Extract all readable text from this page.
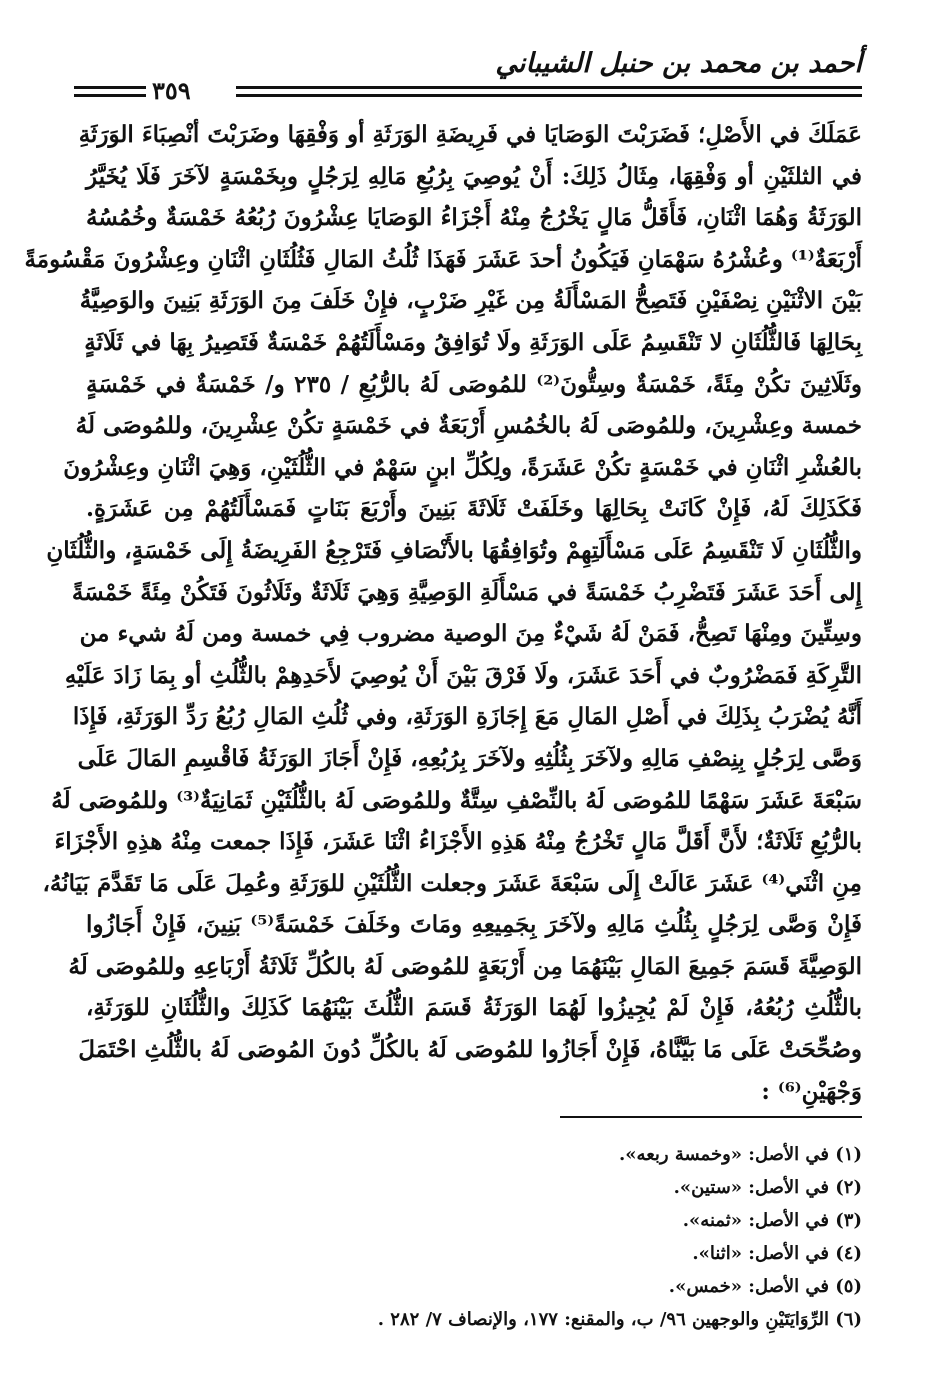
أحمد بن محمد بن حنبل الشيباني
٣٥٩
عَمَلَكَ في الأَصْلِ؛ فَضَرَبْتَ الوَصَايَا في فَرِيضَةِ الوَرَثَةِ أو وَفْقِهَا وضَرَبْتَ أنْصِبَاءَ الوَرَثَةِ
في الثلثَيْنِ أو وَفْقِهَا، مِثَالُ ذَلِكَ: أَنْ يُوصِيَ بِرُبُعِ مَالِهِ لِرَجُلٍ وبِخَمْسَةٍ لآخَرَ فَلَا يُخَيَّرُ
الوَرَثَةُ وَهُمَا اثْنَانِ، فَأَقَلُّ مَالٍ يَخْرُجُ مِنْهُ أَجْزَاءُ الوَصَايَا عِشْرُونَ رُبُعُهُ خَمْسَةٌ وخُمُسُهُ
أَرْبَعَةٌ⁽¹⁾ وعُشْرُهُ سَهْمَانِ فَيَكُونُ أحدَ عَشَرَ فَهَذَا ثُلُثُ المَالِ فَثُلُثَانِ اثْنَانِ وعِشْرُونَ مَقْسُومَةً
بَيْنَ الاثْنَيْنِ نِصْفَيْنِ فَتَصِحُّ المَسْأَلَةُ مِن غَيْرِ ضَرْبٍ، فإِنْ خَلَفَ مِنَ الوَرَثَةِ بَنِينَ والوَصِيَّةُ
بِحَالِهَا فَالثُّلُثَانِ لا تَنْقَسِمُ عَلَى الوَرَثَةِ ولَا تُوَافِقُ ومَسْأَلَتُهُمْ خَمْسَةٌ فَتَصِيرُ بِهَا في ثَلَاثَةٍ
وثَلَاثِينَ تكُنْ مِئَةً، خَمْسَةٌ وسِتُّونَ⁽²⁾ للمُوصَى لَهُ بالرُّبُعِ / ٢٣٥ و/ خَمْسَةٌ في خَمْسَةٍ
خمسة وعِشْرِينَ، وللمُوصَى لَهُ بالخُمُسِ أَرْبَعَةٌ في خَمْسَةٍ تكُنْ عِشْرِينَ، وللمُوصَى لَهُ
بالعُشْرِ اثْنَانِ في خَمْسَةٍ تكُنْ عَشَرَةً، ولِكُلِّ ابنٍ سَهْمٌ في الثُّلُثَيْنِ، وَهِيَ اثْنَانِ وعِشْرُونَ
فَكَذَلِكَ لَهُ، فَإِنْ كَانَتْ بِحَالِهَا وخَلَفَتْ ثَلَاثَةَ بَنِينَ وأَرْبَعَ بَنَاتٍ فَمَسْأَلَتُهُمْ مِن عَشَرَةٍ.
والثُّلُثَانِ لَا تَنْقَسِمُ عَلَى مَسْأَلَتِهِمْ وتُوَافِقُهَا بالأَنْصَافِ فَتَرْجِعُ الفَرِيضَةُ إِلَى خَمْسَةٍ، والثُّلُثَانِ
إِلى أَحَدَ عَشَرَ فَتَضْرِبُ خَمْسَةً في مَسْأَلَةِ الوَصِيَّةِ وَهِيَ ثَلَاثَةٌ وثَلَاثُونَ فَتَكُنْ مِئَةً خَمْسَةً
وسِتِّينَ ومِنْهَا تَصِحُّ، فَمَنْ لَهُ شَيْءٌ مِنَ الوصية مضروب فِي خمسة ومن لَهُ شيء من
التَّرِكَةِ فَمَضْرُوبٌ في أَحَدَ عَشَرَ، ولَا فَرْقَ بَيْنَ أَنْ يُوصِيَ لأَحَدِهِمْ بالثُّلُثِ أو بِمَا زَادَ عَلَيْهِ
أَنَّهُ يُضْرَبُ بِذَلِكَ في أَصْلِ المَالِ مَعَ إِجَازَةِ الوَرَثَةِ، وفي ثُلُثِ المَالِ رُبُعُ رَدِّ الوَرَثَةِ، فَإِذَا
وَصَّى لِرَجُلٍ بِنِصْفِ مَالِهِ ولآخَرَ بِثُلُثِهِ ولآخَرَ بِرُبُعِهِ، فَإِنْ أَجَازَ الوَرَثَةُ فَاقْسِمِ المَالَ عَلَى
سَبْعَةَ عَشَرَ سَهْمًا للمُوصَى لَهُ بالنِّصْفِ سِتَّةٌ وللمُوصَى لَهُ بالثُّلُثَيْنِ ثَمَانِيَةٌ⁽³⁾ وللمُوصَى لَهُ
بالرُّبُعِ ثَلَاثَةٌ؛ لأَنَّ أَقَلَّ مَالٍ تَخْرُجُ مِنْهُ هَذِهِ الأَجْزَاءُ اثْنَا عَشَرَ، فَإِذَا جمعت مِنْهُ هذِهِ الأَجْزَاءَ
مِنِ اثْنَي⁽⁴⁾ عَشَرَ عَالَتْ إِلَى سَبْعَةَ عَشَرَ وجعلت الثُّلُثَيْنِ للوَرَثَةِ وعُمِلَ عَلَى مَا تَقَدَّمَ بَيَانُهُ،
فَإِنْ وَصَّى لِرَجُلٍ بِثُلُثِ مَالِهِ ولآخَرَ بِجَمِيعِهِ ومَاتَ وخَلَفَ خَمْسَةً⁽⁵⁾ بَنِينَ، فَإِنْ أَجَازُوا
الوَصِيَّةَ قَسَمَ جَمِيعَ المَالِ بَيْنَهُمَا مِن أَرْبَعَةٍ للمُوصَى لَهُ بالكُلِّ ثَلَاثَةُ أَرْبَاعِهِ وللمُوصَى لَهُ
بالثُّلُثِ رُبُعُهُ، فَإِنْ لَمْ يُجِيزُوا لَهُمَا الوَرَثَةُ قَسَمَ الثُّلُثَ بَيْنَهُمَا كَذَلِكَ والثُّلُثَانِ للوَرَثَةِ،
وصُحِّحَتْ عَلَى مَا بَيَّنَّاهُ، فَإِنْ أَجَازُوا للمُوصَى لَهُ بالكُلِّ دُونَ المُوصَى لَهُ بالثُّلُثِ احْتَمَلَ
وَجْهَيْنِ⁽⁶⁾ :
(١) في الأصل: «وخمسة ربعه».
(٢) في الأصل: «ستين».
(٣) في الأصل: «ثمنه».
(٤) في الأصل: «اثنا».
(٥) في الأصل: «خمس».
(٦) الرِّوَايَتَيْنِ والوجهين ٩٦/ ب، والمقنع: ١٧٧، والإنصاف ٧/ ٢٨٢ .
